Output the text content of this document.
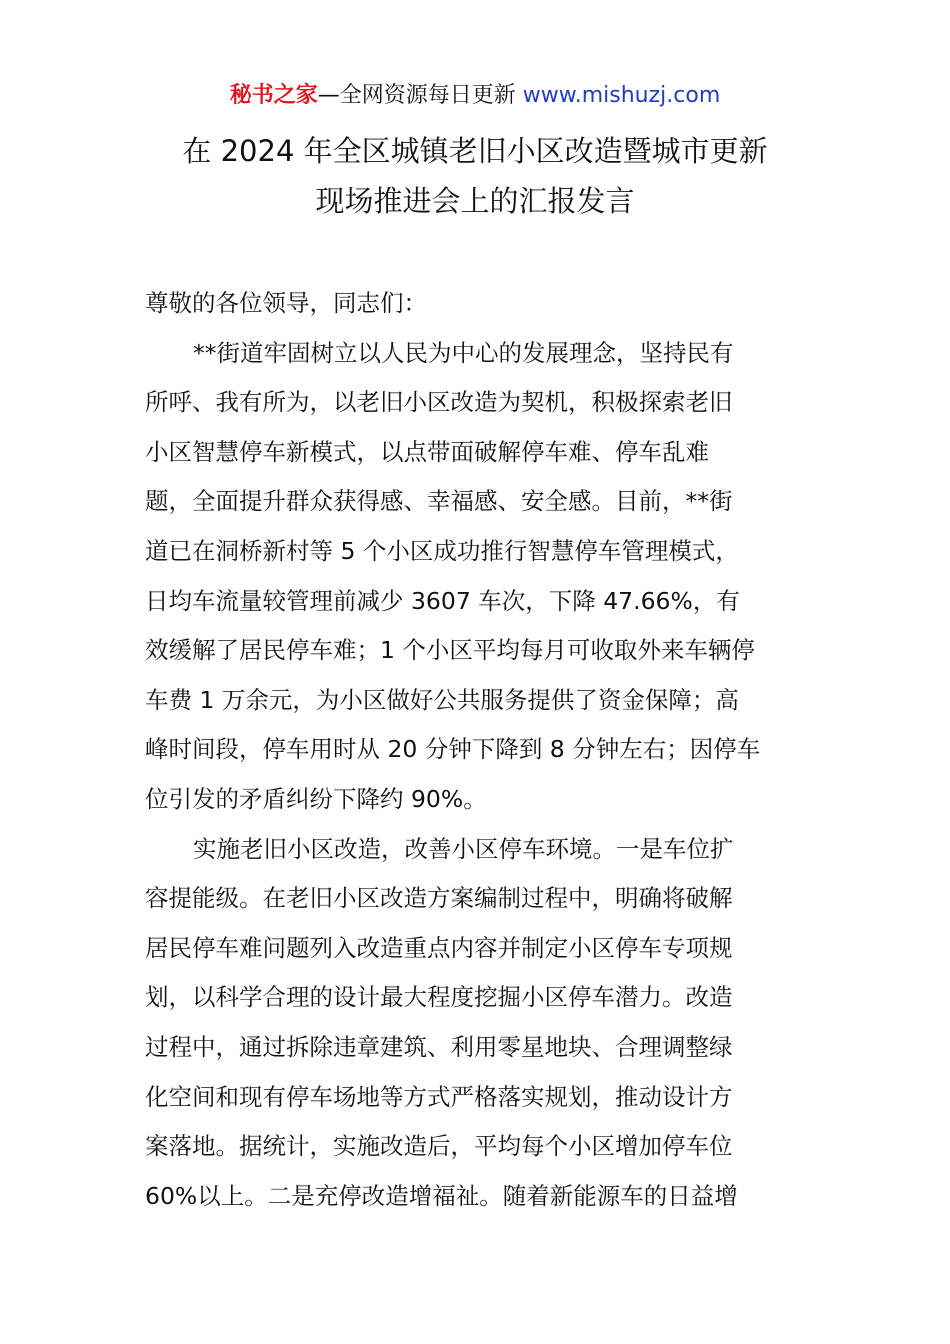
秘书之家—全网资源每日更新 www.mishuzj.com
在 2024 年全区城镇老旧小区改造暨城市更新
现场推进会上的汇报发言

尊敬的各位领导，同志们：

**街道牢固树立以人民为中心的发展理念，坚持民有

所呼、我有所为，以老旧小区改造为契机，积极探索老旧

小区智慧停车新模式，以点带面破解停车难、停车乱难

题，全面提升群众获得感、幸福感、安全感。目前，**街

道已在洞桥新村等 5 个小区成功推行智慧停车管理模式，

日均车流量较管理前减少 3607 车次，下降 47.66%，有

效缓解了居民停车难；1 个小区平均每月可收取外来车辆停

车费 1 万余元，为小区做好公共服务提供了资金保障；高

峰时间段，停车用时从 20 分钟下降到 8 分钟左右；因停车

位引发的矛盾纠纷下降约 90%。

实施老旧小区改造，改善小区停车环境。一是车位扩

容提能级。在老旧小区改造方案编制过程中，明确将破解

居民停车难问题列入改造重点内容并制定小区停车专项规

划，以科学合理的设计最大程度挖掘小区停车潜力。改造

过程中，通过拆除违章建筑、利用零星地块、合理调整绿

化空间和现有停车场地等方式严格落实规划，推动设计方

案落地。据统计，实施改造后，平均每个小区增加停车位

60%以上。二是充停改造增福祉。随着新能源车的日益增
